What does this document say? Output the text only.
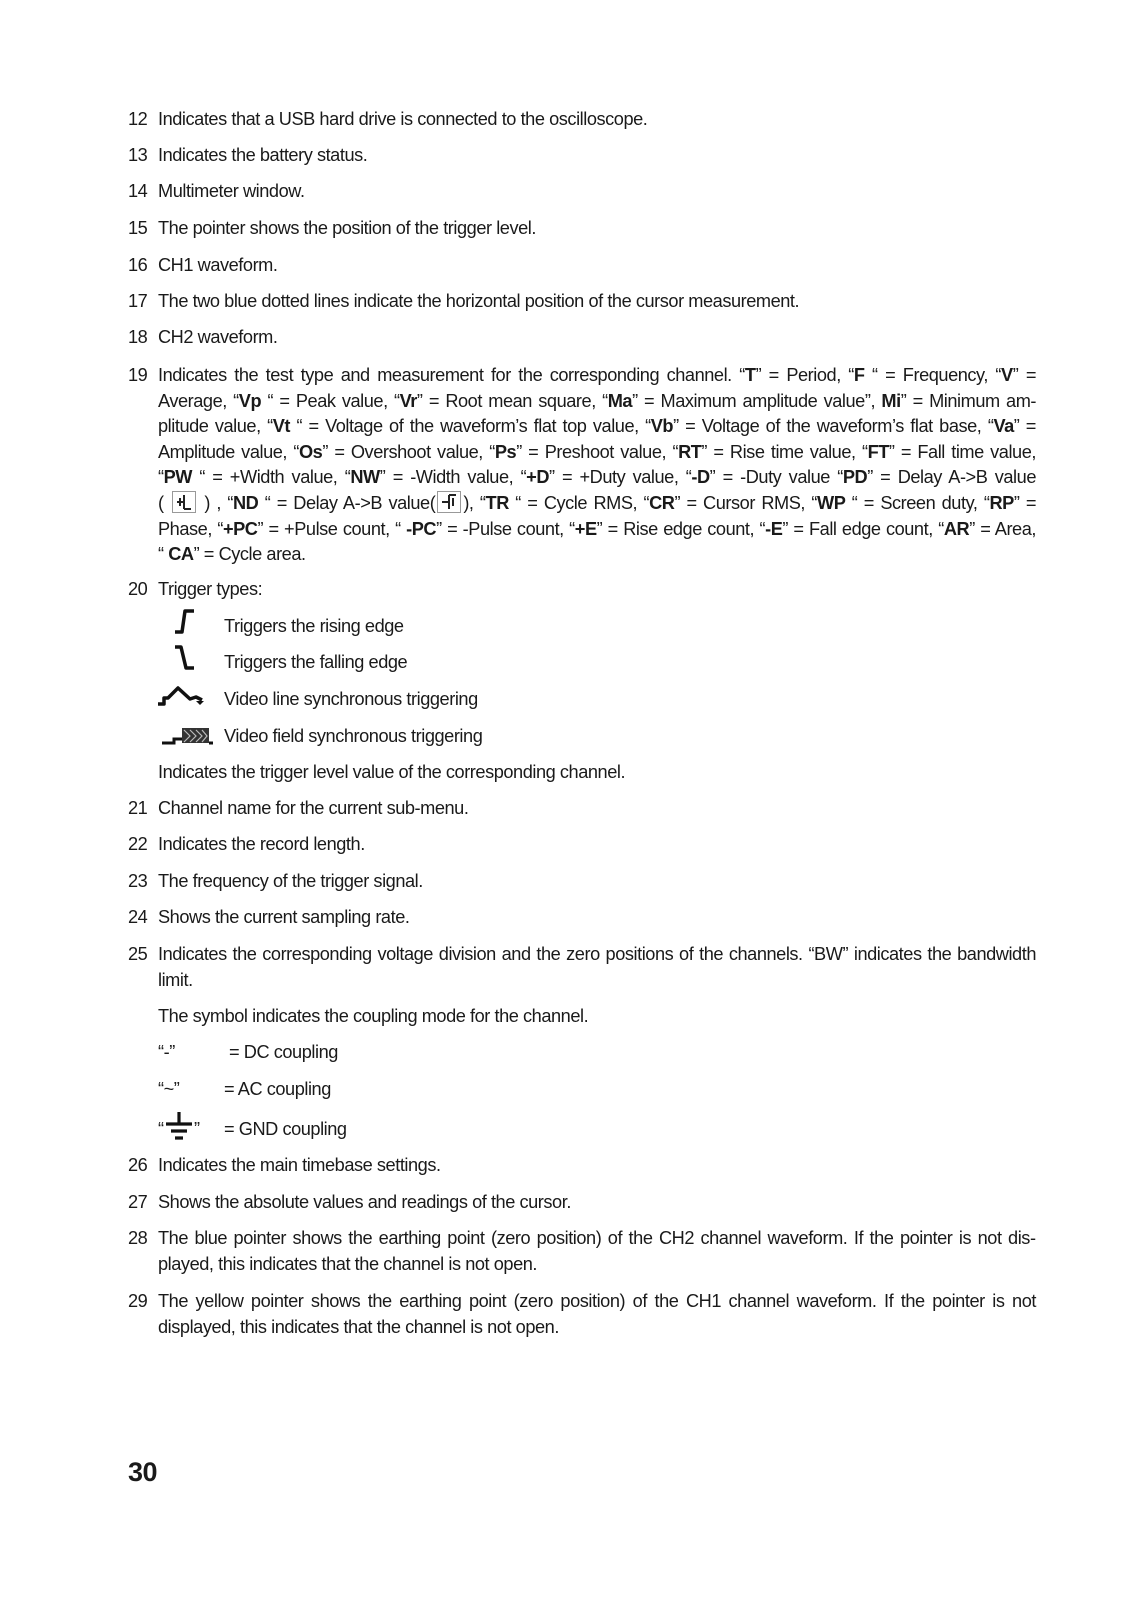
12 Indicates that a USB hard drive is connected to the oscilloscope.
13 Indicates the battery status.
14 Multimeter window.
15 The pointer shows the position of the trigger level.
16 CH1 waveform.
17 The two blue dotted lines indicate the horizontal position of the cursor measurement.
18 CH2 waveform.
19 Indicates the test type and measurement for the corresponding channel. “T” = Period, “F “ = Frequency, “V” =
Average, “Vp “ = Peak value, “Vr” = Root mean square, “Ma” = Maximum amplitude value”, Mi” = Minimum am-
plitude value, “Vt “ = Voltage of the waveform’s flat top value, “Vb” = Voltage of the waveform’s flat base, “Va” =
Amplitude value, “Os” = Overshoot value, “Ps” = Preshoot value, “RT” = Rise time value, “FT” = Fall time value,
“PW “ = +Width value, “NW” = -Width value, “+D” = +Duty value, “-D” = -Duty value “PD” = Delay A->B value
(  ) , “ND “ = Delay A->B value( ), “TR “ = Cycle RMS, “CR” = Cursor RMS, “WP “ = Screen duty, “RP” =
Phase, “+PC” = +Pulse count, “ -PC” = -Pulse count, “+E” = Rise edge count, “-E” = Fall edge count, “AR” = Area,
“ CA” = Cycle area.
20 Trigger types:
Triggers the rising edge
Triggers the falling edge
Video line synchronous triggering
Video field synchronous triggering
Indicates the trigger level value of the corresponding channel.
21 Channel name for the current sub-menu.
22 Indicates the record length.
23 The frequency of the trigger signal.
24 Shows the current sampling rate.
25 Indicates the corresponding voltage division and the zero positions of the channels. “BW” indicates the bandwidth limit.
The symbol indicates the coupling mode for the channel.
“-”	= DC coupling
“~” = AC coupling
“ ” = GND coupling
26 Indicates the main timebase settings.
27 Shows the absolute values and readings of the cursor.
28 The blue pointer shows the earthing point (zero position) of the CH2 channel waveform. If the pointer is not displayed, this indicates that the channel is not open.
29 The yellow pointer shows the earthing point (zero position) of the CH1 channel waveform. If the pointer is not displayed, this indicates that the channel is not open.
30
